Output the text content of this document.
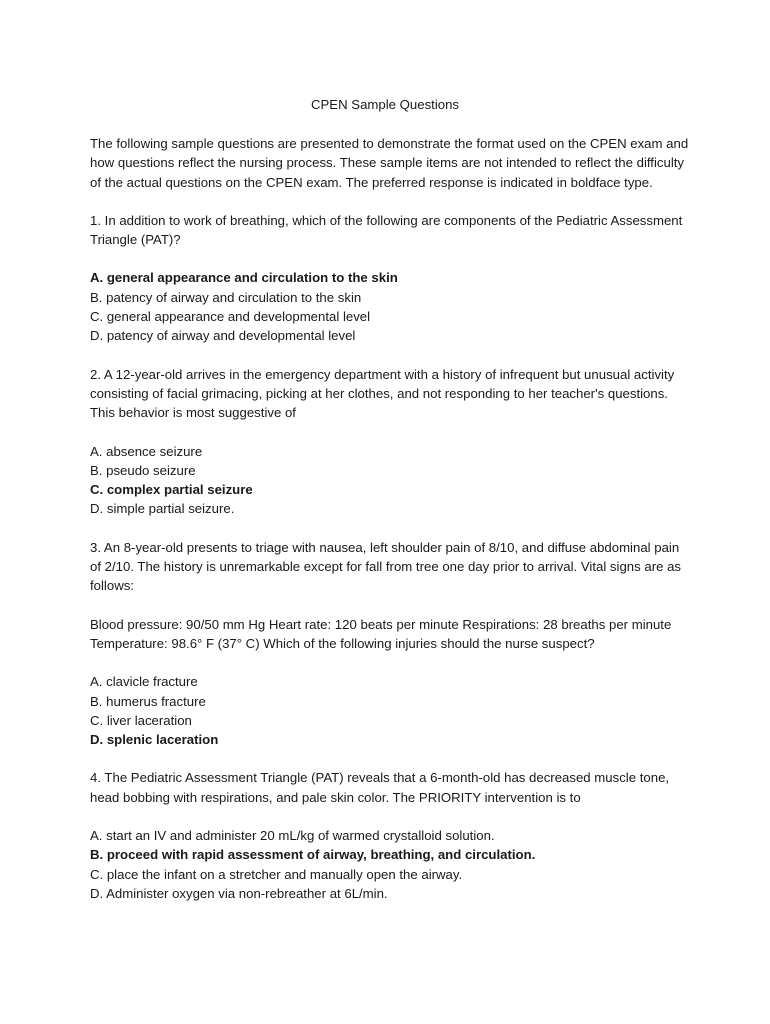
CPEN Sample Questions

The following sample questions are presented to demonstrate the format used on the CPEN exam and how questions reflect the nursing process. These sample items are not intended to reflect the difficulty of the actual questions on the CPEN exam. The preferred response is indicated in boldface type.

1. In addition to work of breathing, which of the following are components of the Pediatric Assessment Triangle (PAT)?

A. general appearance and circulation to the skin

B. patency of airway and circulation to the skin

C. general appearance and developmental level

D. patency of airway and developmental level

2. A 12-year-old arrives in the emergency department with a history of infrequent but unusual activity consisting of facial grimacing, picking at her clothes, and not responding to her teacher's questions. This behavior is most suggestive of

A. absence seizure

B. pseudo seizure

C. complex partial seizure

D. simple partial seizure.

3. An 8-year-old presents to triage with nausea, left shoulder pain of 8/10, and diffuse abdominal pain of 2/10. The history is unremarkable except for fall from tree one day prior to arrival. Vital signs are as follows:

Blood pressure: 90/50 mm Hg Heart rate: 120 beats per minute Respirations: 28 breaths per minute Temperature: 98.6° F (37° C) Which of the following injuries should the nurse suspect?

A. clavicle fracture

B. humerus fracture

C. liver laceration

D. splenic laceration

4. The Pediatric Assessment Triangle (PAT) reveals that a 6-month-old has decreased muscle tone, head bobbing with respirations, and pale skin color. The PRIORITY intervention is to

A. start an IV and administer 20 mL/kg of warmed crystalloid solution.

B. proceed with rapid assessment of airway, breathing, and circulation.

C. place the infant on a stretcher and manually open the airway.

D. Administer oxygen via non-rebreather at 6L/min.
